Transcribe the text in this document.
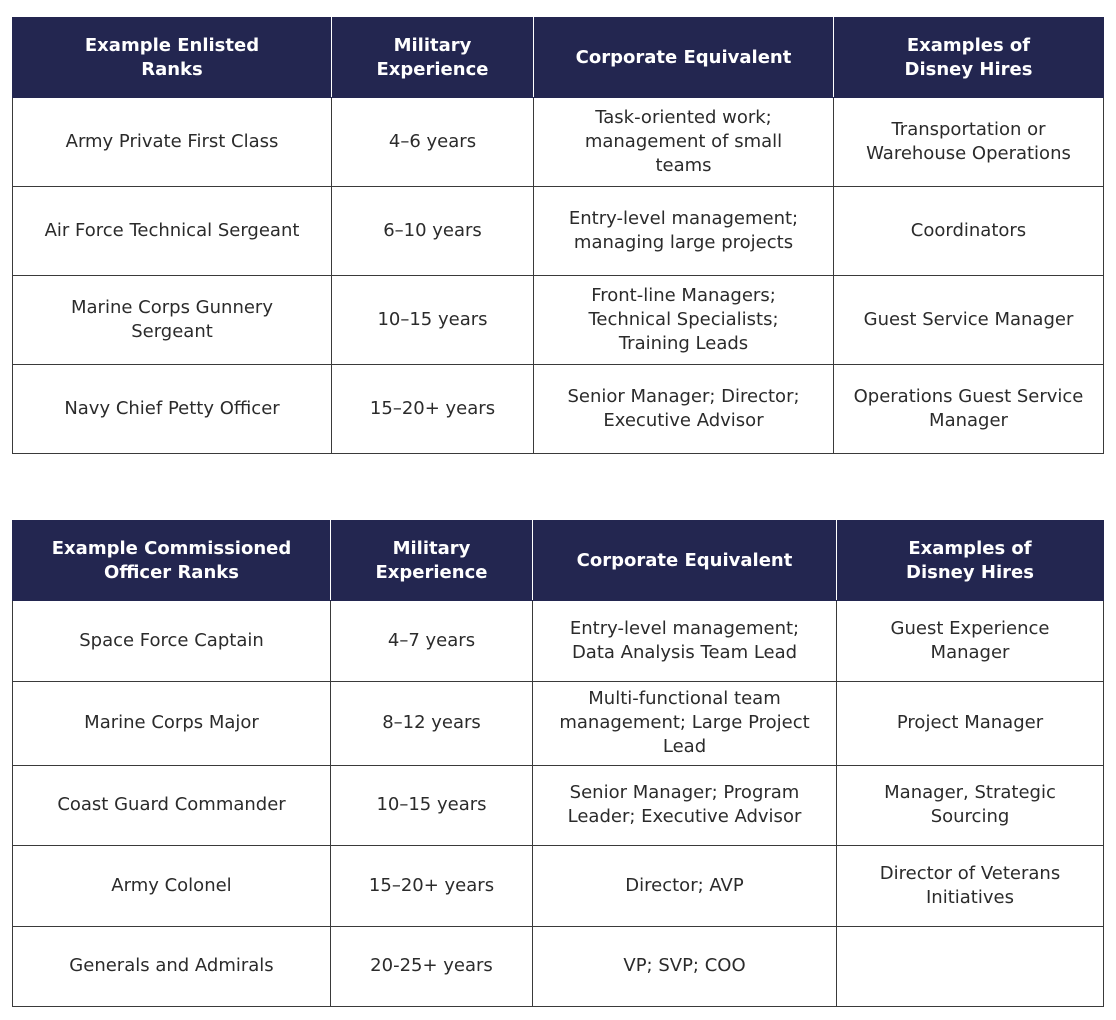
Example Enlisted Ranks	Military Experience	Corporate Equivalent	Examples of Disney Hires
Army Private First Class	4–6 years	Task-oriented work; management of small teams	Transportation or Warehouse Operations
Air Force Technical Sergeant	6–10 years	Entry-level management; managing large projects	Coordinators
Marine Corps Gunnery Sergeant	10–15 years	Front-line Managers; Technical Specialists; Training Leads	Guest Service Manager
Navy Chief Petty Officer	15–20+ years	Senior Manager; Director; Executive Advisor	Operations Guest Service Manager
Example Commissioned Officer Ranks	Military Experience	Corporate Equivalent	Examples of Disney Hires
Space Force Captain	4–7 years	Entry-level management; Data Analysis Team Lead	Guest Experience Manager
Marine Corps Major	8–12 years	Multi-functional team management; Large Project Lead	Project Manager
Coast Guard Commander	10–15 years	Senior Manager; Program Leader; Executive Advisor	Manager, Strategic Sourcing
Army Colonel	15–20+ years	Director; AVP	Director of Veterans Initiatives
Generals and Admirals	20-25+ years	VP; SVP; COO	
